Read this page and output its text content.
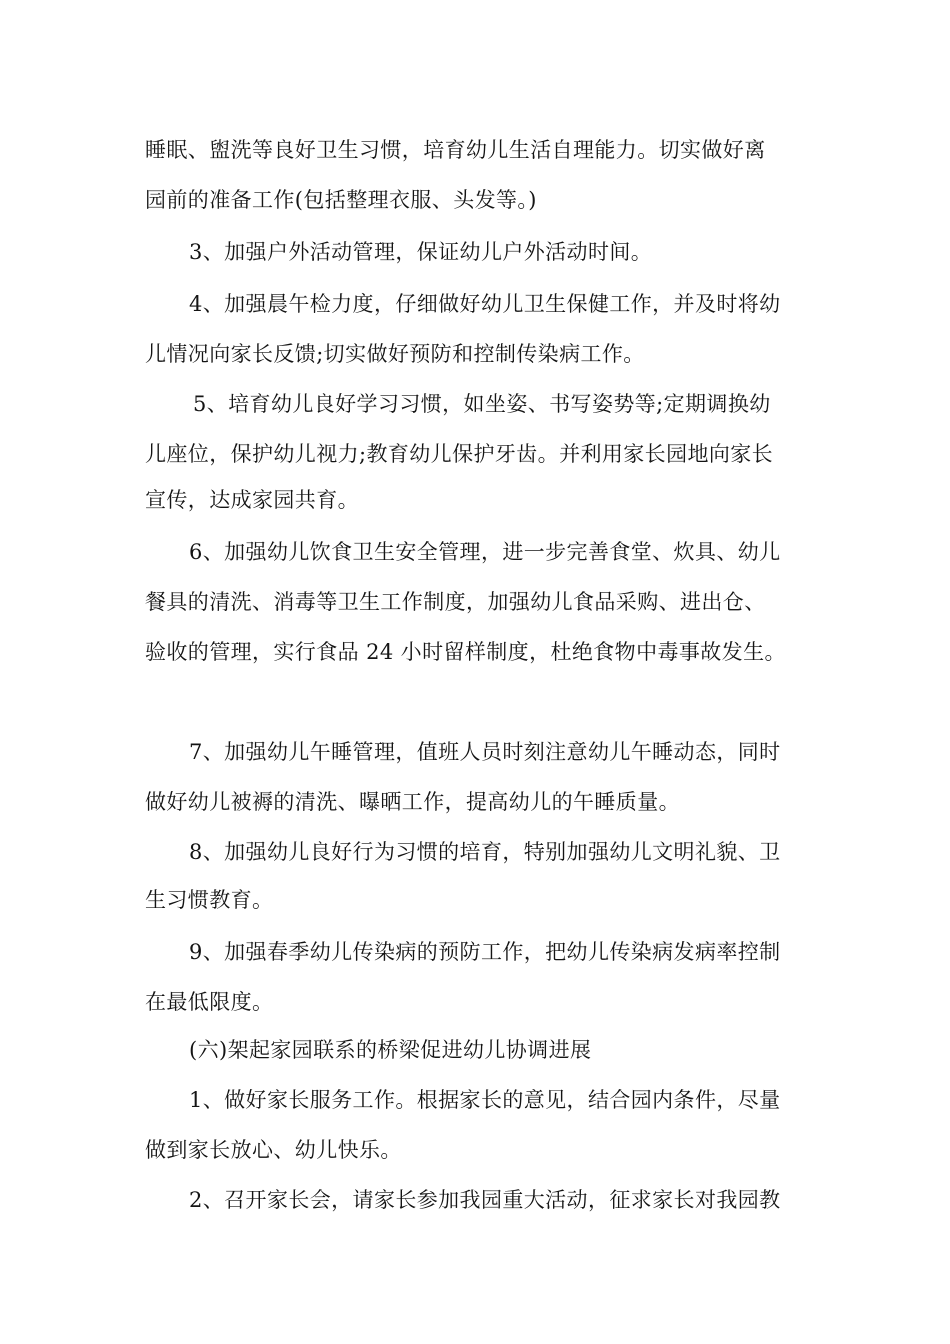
睡眠、盥洗等良好卫生习惯，培育幼儿生活自理能力。切实做好离
园前的准备工作(包括整理衣服、头发等。)
3、加强户外活动管理，保证幼儿户外活动时间。
4、加强晨午检力度，仔细做好幼儿卫生保健工作，并及时将幼
儿情况向家长反馈;切实做好预防和控制传染病工作。
5、培育幼儿良好学习习惯，如坐姿、书写姿势等;定期调换幼
儿座位，保护幼儿视力;教育幼儿保护牙齿。并利用家长园地向家长
宣传，达成家园共育。
6、加强幼儿饮食卫生安全管理，进一步完善食堂、炊具、幼儿
餐具的清洗、消毒等卫生工作制度，加强幼儿食品采购、进出仓、
验收的管理，实行食品 24 小时留样制度，杜绝食物中毒事故发生。
7、加强幼儿午睡管理，值班人员时刻注意幼儿午睡动态，同时
做好幼儿被褥的清洗、曝晒工作，提高幼儿的午睡质量。
8、加强幼儿良好行为习惯的培育，特别加强幼儿文明礼貌、卫
生习惯教育。
9、加强春季幼儿传染病的预防工作，把幼儿传染病发病率控制
在最低限度。
(六)架起家园联系的桥梁促进幼儿协调进展
1、做好家长服务工作。根据家长的意见，结合园内条件，尽量
做到家长放心、幼儿快乐。
2、召开家长会，请家长参加我园重大活动，征求家长对我园教
